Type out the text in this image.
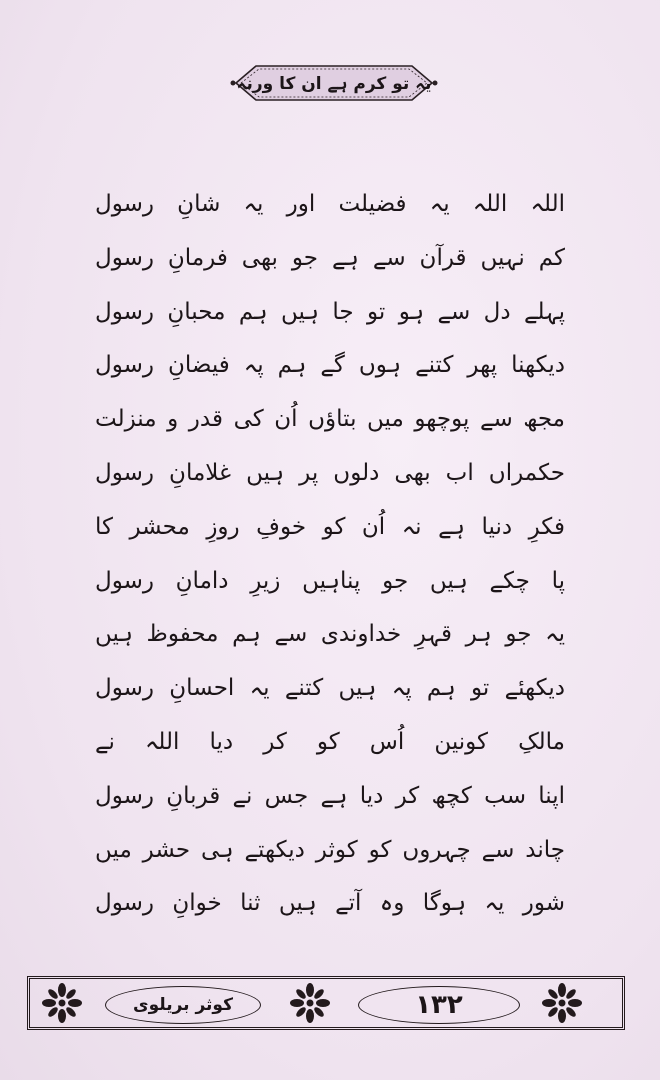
یہ تو کرم ہے ان کا ورنہ
اللہ اللہ یہ فضیلت اور یہ شانِ رسول
کم نہیں قرآن سے ہے جو بھی فرمانِ رسول
پہلے دل سے ہو تو جا ہیں ہم محبانِ رسول
دیکھنا پھر کتنے ہوں گے ہم پہ فیضانِ رسول
مجھ سے پوچھو میں بتاؤں اُن کی قدر و منزلت
حکمراں اب بھی دلوں پر ہیں غلامانِ رسول
فکرِ دنیا ہے نہ اُن کو خوفِ روزِ محشر کا
پا چکے ہیں جو پناہیں زیرِ دامانِ رسول
یہ جو ہر قہرِ خداوندی سے ہم محفوظ ہیں
دیکھئے تو ہم پہ ہیں کتنے یہ احسانِ رسول
مالکِ کونین اُس کو کر دیا اللہ نے
اپنا سب کچھ کر دیا ہے جس نے قربانِ رسول
چاند سے چہروں کو کوثر دیکھتے ہی حشر میں
شور یہ ہوگا وہ آتے ہیں ثنا خوانِ رسول
کوثر بریلوی	۱۳۲
